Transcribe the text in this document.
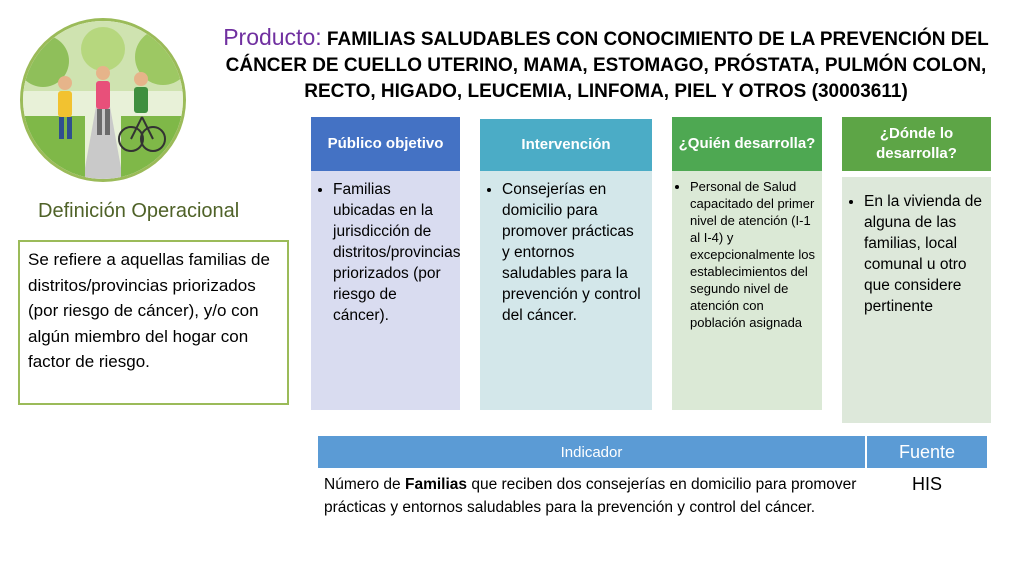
Producto: FAMILIAS SALUDABLES CON CONOCIMIENTO DE LA PREVENCIÓN DEL CÁNCER DE CUELLO UTERINO, MAMA, ESTOMAGO, PRÓSTATA, PULMÓN COLON, RECTO, HIGADO, LEUCEMIA, LINFOMA, PIEL Y OTROS (30003611)
Definición Operacional
Se refiere a aquellas familias de distritos/provincias priorizados (por riesgo de cáncer), y/o con algún miembro del hogar con factor de riesgo.
Público objetivo
• Familias ubicadas en la jurisdicción de distritos/provincias priorizados (por riesgo de cáncer).
Intervención
• Consejerías en domicilio para promover prácticas y entornos saludables para la prevención y control del cáncer.
¿Quién desarrolla?
• Personal de Salud capacitado del primer nivel de atención (I-1 al I-4) y excepcionalmente los establecimientos del segundo nivel de atención con población asignada
¿Dónde lo desarrolla?
• En la vivienda de alguna de las familias, local comunal u otro que considere pertinente
Indicador	Fuente
Número de Familias que reciben dos consejerías en domicilio para promover prácticas y entornos saludables para la prevención y control del cáncer.
HIS
